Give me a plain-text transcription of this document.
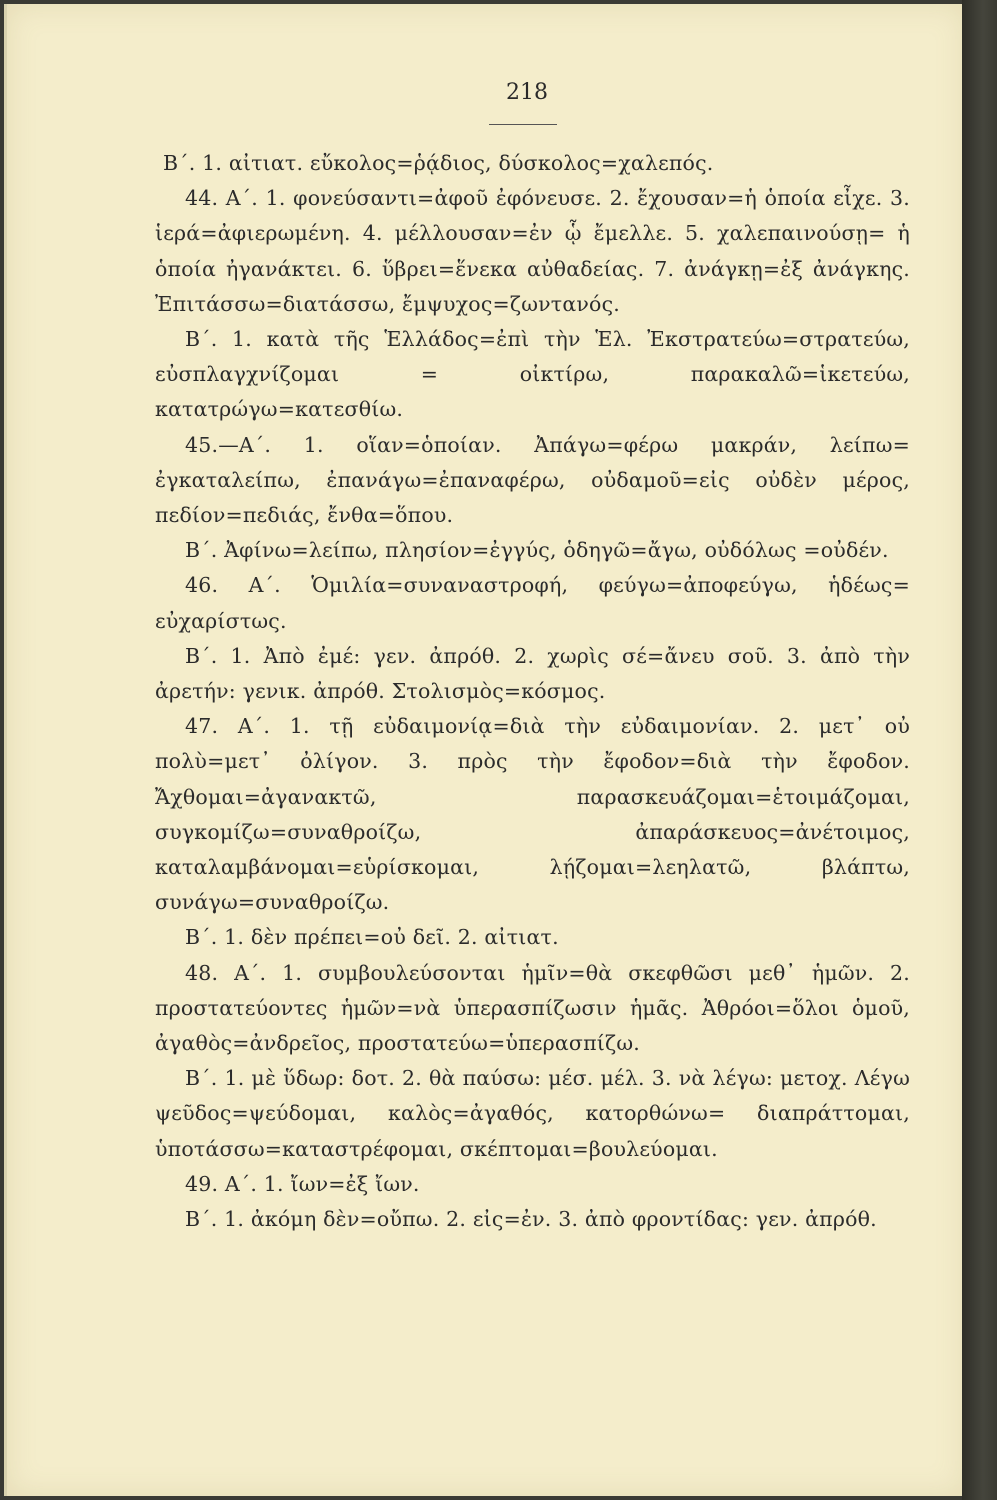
218

Β΄. 1. αἰτιατ. εὔκολος=ῥᾴδιος, δύσκολος=χαλεπός.

44. Α΄. 1. φονεύσαντι=ἀφοῦ ἐφόνευσε. 2. ἔχουσαν=ἡ ὁποία εἶχε. 3. ἱερά=ἀφιερωμένη. 4. μέλλουσαν=ἐν ᾧ ἔμελλε. 5. χαλεπαινούσῃ= ἡ ὁποία ἠγανάκτει. 6. ὕβρει=ἕνεκα αὐθαδείας. 7. ἀνάγκῃ=ἐξ ἀνάγκης. Ἐπιτάσσω=διατάσσω, ἔμψυχος=ζωντανός.

Β΄. 1. κατὰ τῆς Ἑλλάδος=ἐπὶ τὴν Ἑλ. Ἐκστρατεύω=στρατεύω, εὐσπλαγχνίζομαι = οἰκτίρω, παρακαλῶ=ἱκετεύω, κατατρώγω=κατεσθίω.

45.—Α΄. 1. οἵαν=ὁποίαν. Ἀπάγω=φέρω μακράν, λείπω= ἐγκαταλείπω, ἐπανάγω=ἐπαναφέρω, οὐδαμοῦ=εἰς οὐδὲν μέρος, πεδίον=πεδιάς, ἔνθα=ὅπου.

Β΄. Ἀφίνω=λείπω, πλησίον=ἐγγύς, ὁδηγῶ=ἄγω, οὐδόλως =οὐδέν.

46. Α΄. Ὁμιλία=συναναστροφή, φεύγω=ἀποφεύγω, ἡδέως= εὐχαρίστως.

Β΄. 1. Ἀπὸ ἐμέ: γεν. ἀπρόθ. 2. χωρὶς σέ=ἄνευ σοῦ. 3. ἀπὸ τὴν ἀρετήν: γενικ. ἀπρόθ. Στολισμὸς=κόσμος.

47. Α΄. 1. τῇ εὐδαιμονίᾳ=διὰ τὴν εὐδαιμονίαν. 2. μετ᾽ οὐ πολὺ=μετ᾽ ὀλίγον. 3. πρὸς τὴν ἔφοδον=διὰ τὴν ἔφοδον. Ἄχθομαι=ἀγανακτῶ, παρασκευάζομαι=ἑτοιμάζομαι, συγκομίζω=συναθροίζω, ἀπαράσκευος=ἀνέτοιμος, καταλαμβάνομαι=εὑρίσκομαι, λῄζομαι=λεηλατῶ, βλάπτω, συνάγω=συναθροίζω.

Β΄. 1. δὲν πρέπει=οὐ δεῖ. 2. αἰτιατ.

48. Α΄. 1. συμβουλεύσονται ἡμῖν=θὰ σκεφθῶσι μεθ᾽ ἡμῶν. 2. προστατεύοντες ἡμῶν=νὰ ὑπερασπίζωσιν ἡμᾶς. Ἀθρόοι=ὅλοι ὁμοῦ, ἀγαθὸς=ἀνδρεῖος, προστατεύω=ὑπερασπίζω.

Β΄. 1. μὲ ὕδωρ: δοτ. 2. θὰ παύσω: μέσ. μέλ. 3. νὰ λέγω: μετοχ. Λέγω ψεῦδος=ψεύδομαι, καλὸς=ἀγαθός, κατορθώνω= διαπράττομαι, ὑποτάσσω=καταστρέφομαι, σκέπτομαι=βουλεύομαι.

49. Α΄. 1. ἴων=ἐξ ἴων.

Β΄. 1. ἀκόμη δὲν=οὔπω. 2. εἰς=ἐν. 3. ἀπὸ φροντίδας: γεν. ἀπρόθ.
